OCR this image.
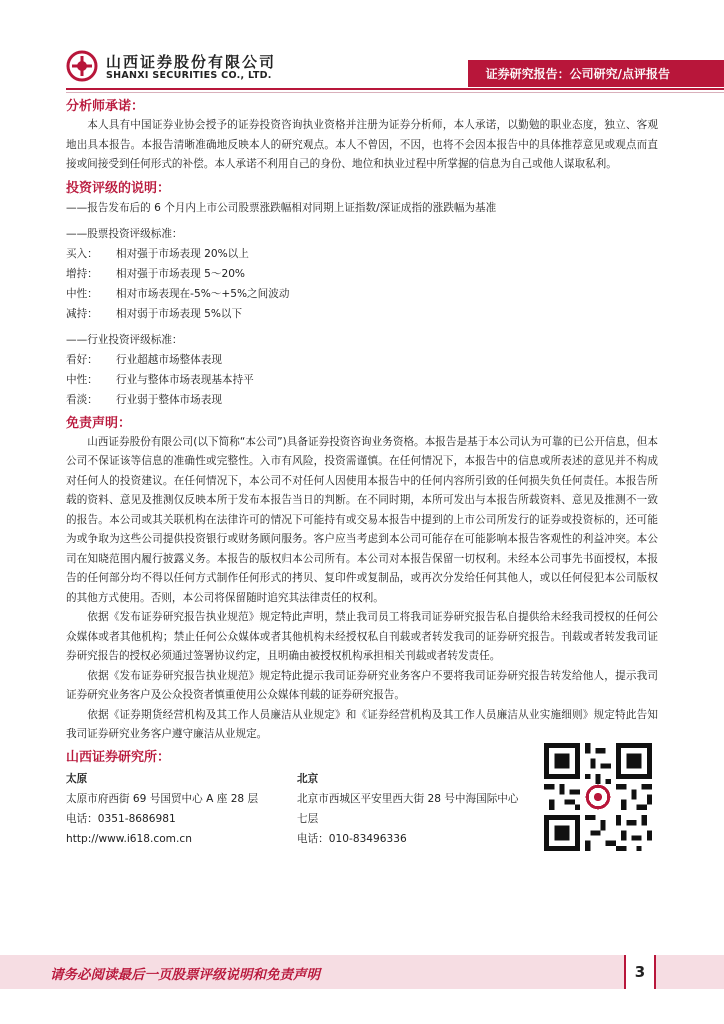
山西证券股份有限公司
SHANXI SECURITIES CO., LTD.	证券研究报告：公司研究/点评报告

分析师承诺：

本人具有中国证券业协会授予的证券投资咨询执业资格并注册为证券分析师，本人承诺，以勤勉的职业态度，独立、客观地出具本报告。本报告清晰准确地反映本人的研究观点。本人不曾因，不因，也将不会因本报告中的具体推荐意见或观点而直接或间接受到任何形式的补偿。本人承诺不利用自己的身份、地位和执业过程中所掌握的信息为自己或他人谋取私利。

投资评级的说明：

——报告发布后的 6 个月内上市公司股票涨跌幅相对同期上证指数/深证成指的涨跌幅为基准

——股票投资评级标准：

买入：	相对强于市场表现 20%以上
增持：	相对强于市场表现 5～20%
中性：	相对市场表现在-5%～+5%之间波动
减持：	相对弱于市场表现 5%以下

——行业投资评级标准：

看好：	行业超越市场整体表现
中性：	行业与整体市场表现基本持平
看淡：	行业弱于整体市场表现

免责声明：

山西证券股份有限公司(以下简称“本公司”)具备证券投资咨询业务资格。本报告是基于本公司认为可靠的已公开信息，但本公司不保证该等信息的准确性或完整性。入市有风险，投资需谨慎。在任何情况下，本报告中的信息或所表述的意见并不构成对任何人的投资建议。在任何情况下，本公司不对任何人因使用本报告中的任何内容所引致的任何损失负任何责任。本报告所载的资料、意见及推测仅反映本所于发布本报告当日的判断。在不同时期，本所可发出与本报告所载资料、意见及推测不一致的报告。本公司或其关联机构在法律许可的情况下可能持有或交易本报告中提到的上市公司所发行的证券或投资标的，还可能为或争取为这些公司提供投资银行或财务顾问服务。客户应当考虑到本公司可能存在可能影响本报告客观性的利益冲突。本公司在知晓范围内履行披露义务。本报告的版权归本公司所有。本公司对本报告保留一切权利。未经本公司事先书面授权，本报告的任何部分均不得以任何方式制作任何形式的拷贝、复印件或复制品，或再次分发给任何其他人，或以任何侵犯本公司版权的其他方式使用。否则，本公司将保留随时追究其法律责任的权利。

依据《发布证券研究报告执业规范》规定特此声明，禁止我司员工将我司证券研究报告私自提供给未经我司授权的任何公众媒体或者其他机构；禁止任何公众媒体或者其他机构未经授权私自刊载或者转发我司的证券研究报告。刊载或者转发我司证券研究报告的授权必须通过签署协议约定，且明确由被授权机构承担相关刊载或者转发责任。

依据《发布证券研究报告执业规范》规定特此提示我司证券研究业务客户不要将我司证券研究报告转发给他人，提示我司证券研究业务客户及公众投资者慎重使用公众媒体刊载的证券研究报告。

依据《证券期货经营机构及其工作人员廉洁从业规定》和《证券经营机构及其工作人员廉洁从业实施细则》规定特此告知我司证券研究业务客户遵守廉洁从业规定。

山西证券研究所：

太原
太原市府西街 69 号国贸中心 A 座 28 层
电话：0351-8686981
http://www.i618.com.cn
北京
北京市西城区平安里西大街 28 号中海国际中心七层
电话：010-83496336
请务必阅读最后一页股票评级说明和免责声明	3
